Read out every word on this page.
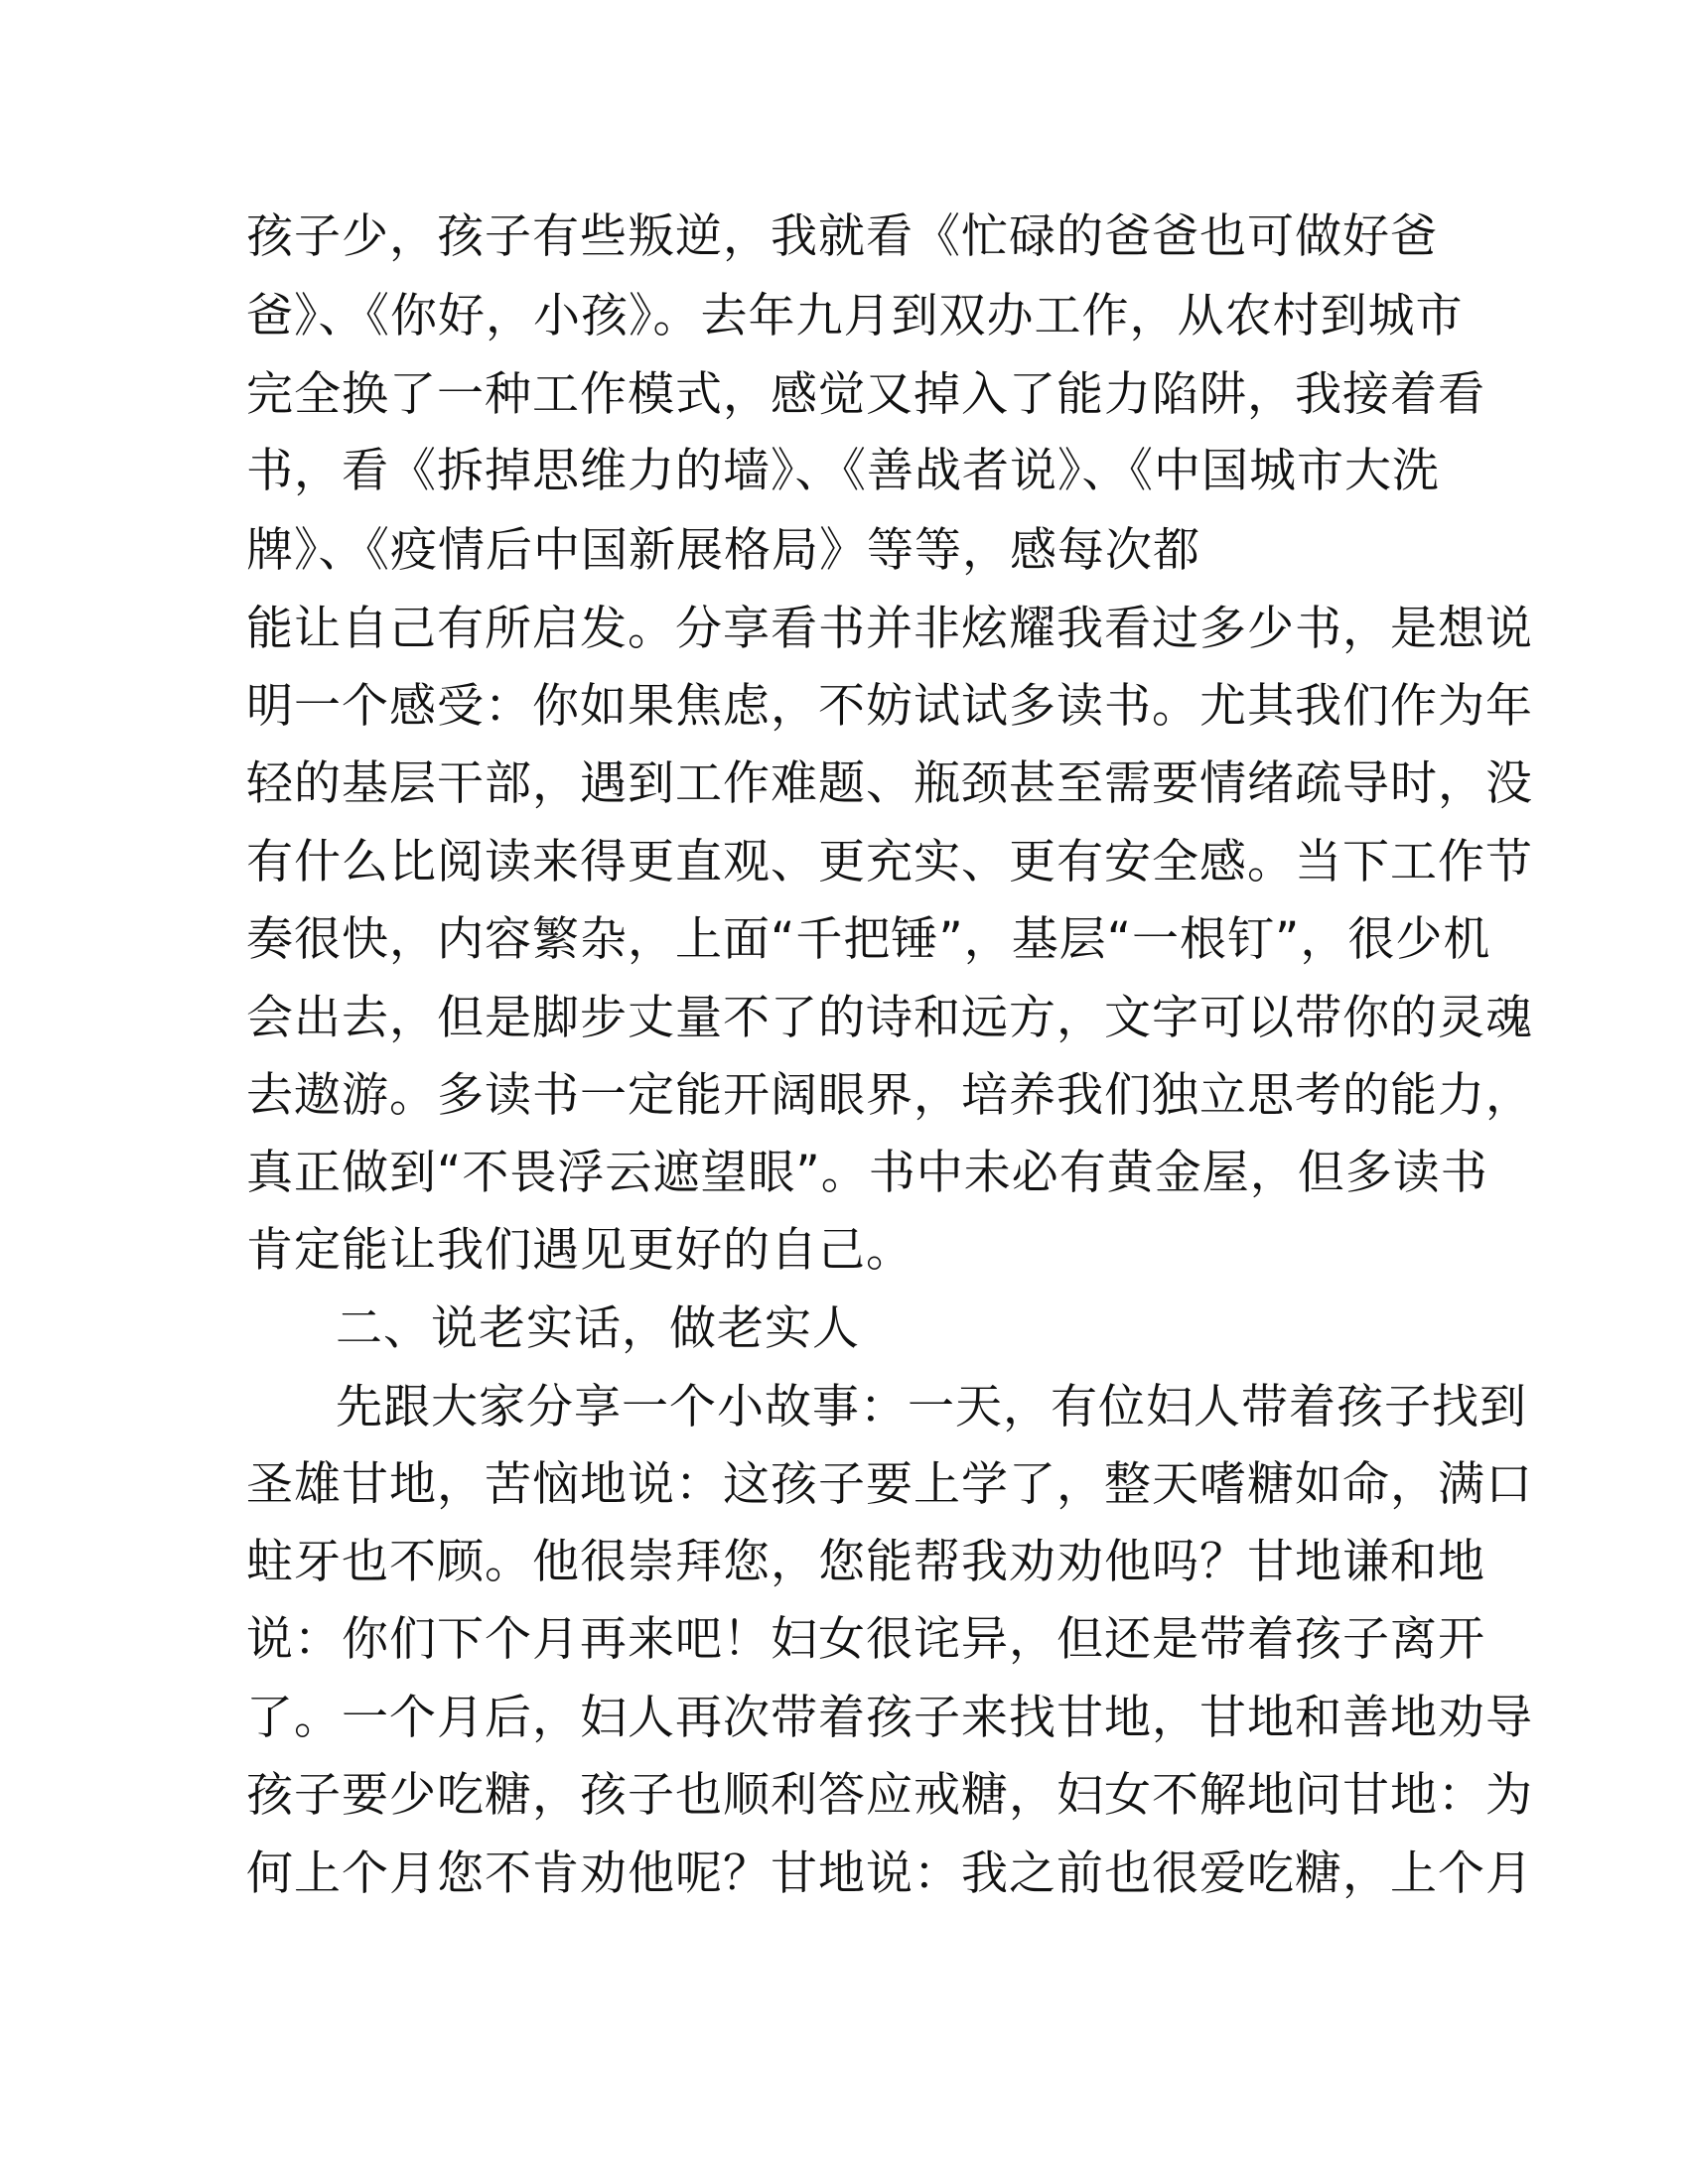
孩子少，孩子有些叛逆，我就看《忙碌的爸爸也可做好爸

爸》、《你好，小孩》。去年九月到双办工作，从农村到城市

完全换了一种工作模式，感觉又掉入了能力陷阱，我接着看

书，看《拆掉思维力的墙》、《善战者说》、《中国城市大洗

牌》、《疫情后中国新展格局》等等，感每次都

能让自己有所启发。分享看书并非炫耀我看过多少书，是想说

明一个感受：你如果焦虑，不妨试试多读书。尤其我们作为年

轻的基层干部，遇到工作难题、瓶颈甚至需要情绪疏导时，没

有什么比阅读来得更直观、更充实、更有安全感。当下工作节

奏很快，内容繁杂，上面“千把锤”，基层“一根钉”，很少机

会出去，但是脚步丈量不了的诗和远方，文字可以带你的灵魂

去遨游。多读书一定能开阔眼界，培养我们独立思考的能力，

真正做到“不畏浮云遮望眼”。书中未必有黄金屋，但多读书

肯定能让我们遇见更好的自己。

二、说老实话，做老实人

先跟大家分享一个小故事：一天，有位妇人带着孩子找到

圣雄甘地，苦恼地说：这孩子要上学了，整天嗜糖如命，满口

蛀牙也不顾。他很崇拜您，您能帮我劝劝他吗？甘地谦和地

说：你们下个月再来吧！妇女很诧异，但还是带着孩子离开

了。一个月后，妇人再次带着孩子来找甘地，甘地和善地劝导

孩子要少吃糖，孩子也顺利答应戒糖，妇女不解地问甘地：为

何上个月您不肯劝他呢？甘地说：我之前也很爱吃糖，上个月
